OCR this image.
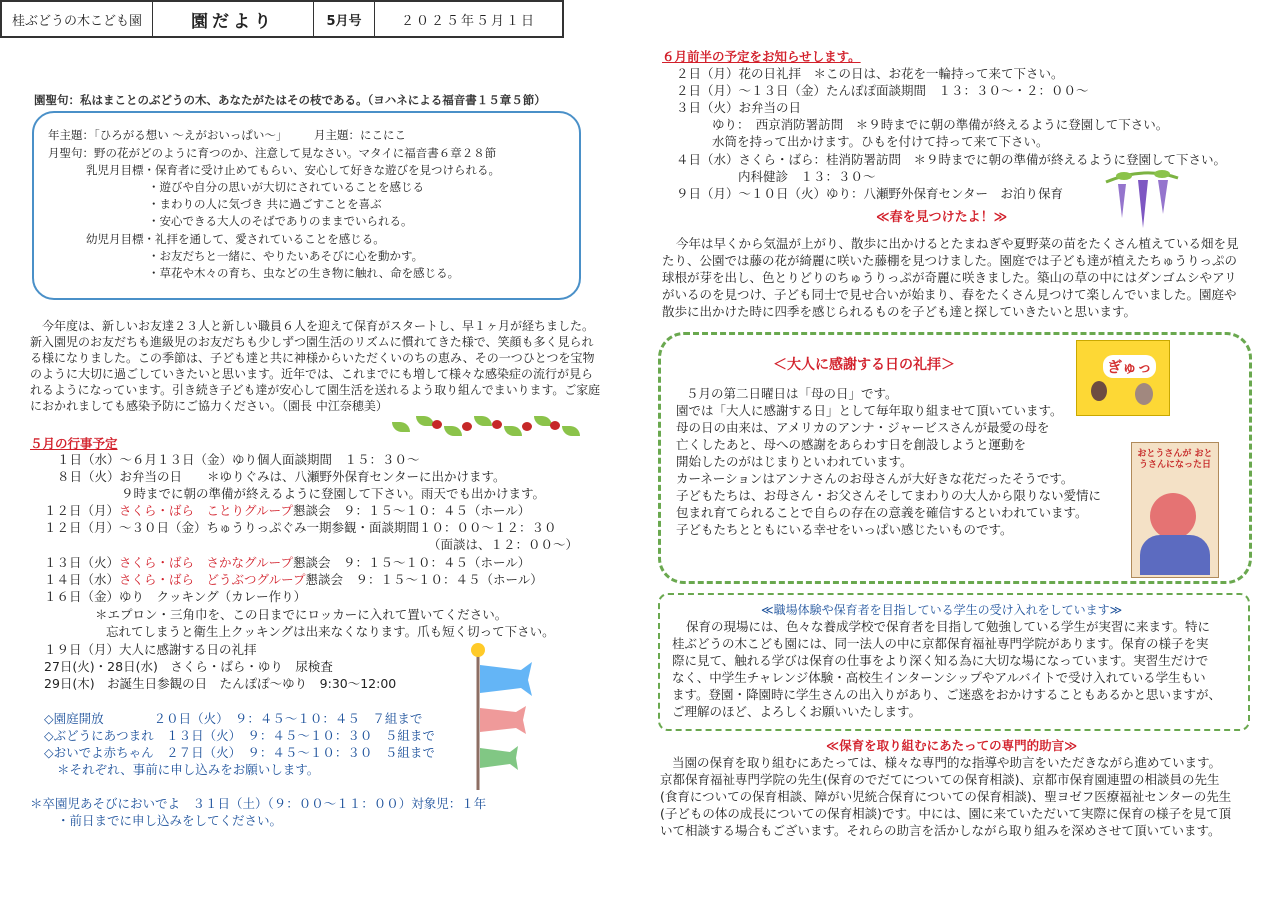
桂ぶどうの木こども園	園だより	5月号	２０２５年５月１日
園聖句：私はまことのぶどうの木、あなたがたはその枝である。（ヨハネによる福音書１５章５節）
年主題：「ひろがる想い ～えがおいっぱい～」 月主題：にこにこ
月聖句：野の花がどのように育つのか、注意して見なさい。マタイに福音書６章２８節
乳児月目標・保育者に受け止めてもらい、安心して好きな遊びを見つけられる。
・遊びや自分の思いが大切にされていることを感じる
・まわりの人に気づき 共に過ごすことを喜ぶ
・安心できる大人のそばでありのままでいられる。
幼児月目標・礼拝を通して、愛されていることを感じる。
・お友だちと一緒に、やりたいあそびに心を動かす。
・草花や木々の育ち、虫などの生き物に触れ、命を感じる。
今年度は、新しいお友達２３人と新しい職員６人を迎えて保育がスタートし、早１ヶ月が経ちました。
新入園児のお友だちも進級児のお友だちも少しずつ園生活のリズムに慣れてきた様で、笑顔も多く見られ
る様になりました。この季節は、子ども達と共に神様からいただくいのちの恵み、その一つひとつを宝物
のように大切に過ごしていきたいと思います。近年では、これまでにも増して様々な感染症の流行が見ら
れるようになっています。引き続き子ども達が安心して園生活を送れるよう取り組んでまいります。ご家庭
におかれましても感染予防にご協力ください。（園長 中江奈穂美）
５月の行事予定
１日（水）～６月１３日（金）ゆり個人面談期間　１５：３０～
８日（火）お弁当の日　　＊ゆりぐみは、八瀬野外保育センターに出かけます。
９時までに朝の準備が終えるように登園して下さい。雨天でも出かけます。
１２日（月）さくら・ばら　ことりグループ懇談会　９：１５～１０：４５（ホール）
１２日（月）～３０日（金）ちゅうりっぷぐみ一期参観・面談期間１０：００～１２：３０
（面談は、１２：００～）
１３日（火）さくら・ばら　さかなグループ懇談会　９：１５～１０：４５（ホール）
１４日（水）さくら・ばら　どうぶつグループ懇談会　９：１５～１０：４５（ホール）
１６日（金）ゆり　クッキング（カレー作り）
＊エプロン・三角巾を、この日までにロッカーに入れて置いてください。
忘れてしまうと衛生上クッキングは出来なくなります。爪も短く切って下さい。
１９日（月）大人に感謝する日の礼拝
27日(火)・28日(水)　さくら・ばら・ゆり　尿検査
29日(木)　お誕生日参観の日　たんぽぽ～ゆり　9:30～12:00
◇園庭開放　　　　２０日（火）　９：４５～１０：４５　７組まで
◇ぶどうにあつまれ　１３日（火）　９：４５～１０：３０　５組まで
◇おいでよ赤ちゃん　２７日（火）　９：４５～１０：３０　５組まで
＊それぞれ、事前に申し込みをお願いします。
＊卒園児あそびにおいでよ　３１日（土）（９：００～１１：００）対象児：１年
・前日までに申し込みをしてください。
６月前半の予定をお知らせします。
２日（月）花の日礼拝　＊この日は、お花を一輪持って来て下さい。
２日（月）～１３日（金）たんぽぽ面談期間　１３：３０～・２：００～
３日（火）お弁当の日
ゆり：　西京消防署訪問　＊９時までに朝の準備が終えるように登園して下さい。
水筒を持って出かけます。ひもを付けて持って来て下さい。
４日（水）さくら・ばら：桂消防署訪問　＊９時までに朝の準備が終えるように登園して下さい。
内科健診　１３：３０～
９日（月）～１０日（火）ゆり：八瀬野外保育センター　お泊り保育
≪春を見つけたよ！≫
今年は早くから気温が上がり、散歩に出かけるとたまねぎや夏野菜の苗をたくさん植えている畑を見
たり、公園では藤の花が綺麗に咲いた藤棚を見つけました。園庭では子ども達が植えたちゅうりっぷの
球根が芽を出し、色とりどりのちゅうりっぷが奇麗に咲きました。築山の草の中にはダンゴムシやアリ
がいるのを見つけ、子ども同士で見せ合いが始まり、春をたくさん見つけて楽しんでいました。園庭や
散歩に出かけた時に四季を感じられるものを子ども達と探していきたいと思います。
＜大人に感謝する日の礼拝＞
５月の第二日曜日は「母の日」です。
園では「大人に感謝する日」として毎年取り組ませて頂いています。
母の日の由来は、アメリカのアンナ・ジャービスさんが最愛の母を
亡くしたあと、母への感謝をあらわす日を創設しようと運動を
開始したのがはじまりといわれています。
カーネーションはアンナさんのお母さんが大好きな花だったそうです。
子どもたちは、お母さん・お父さんそしてまわりの大人から限りない愛情に
包まれ育てられることで自らの存在の意義を確信するといわれています。
子どもたちとともにいる幸せをいっぱい感じたいものです。
ぎゅっ
おとうさんが おとうさんになった日
≪職場体験や保育者を目指している学生の受け入れをしています≫
保育の現場には、色々な養成学校で保育者を目指して勉強している学生が実習に来ます。特に
桂ぶどうの木こども園には、同一法人の中に京都保育福祉専門学院があります。保育の様子を実
際に見て、触れる学びは保育の仕事をより深く知る為に大切な場になっています。実習生だけで
なく、中学生チャレンジ体験・高校生インターンシップやアルバイトで受け入れている学生もい
ます。登園・降園時に学生さんの出入りがあり、ご迷惑をおかけすることもあるかと思いますが、
ご理解のほど、よろしくお願いいたします。
≪保育を取り組むにあたっての専門的助言≫
当園の保育を取り組むにあたっては、様々な専門的な指導や助言をいただきながら進めています。
京都保育福祉専門学院の先生(保育のでだてについての保育相談)、京都市保育園連盟の相談員の先生
(食育についての保育相談、障がい児統合保育についての保育相談)、聖ヨゼフ医療福祉センターの先生
(子どもの体の成長についての保育相談)です。中には、園に来ていただいて実際に保育の様子を見て頂
いて相談する場合もございます。それらの助言を活かしながら取り組みを深めさせて頂いています。
